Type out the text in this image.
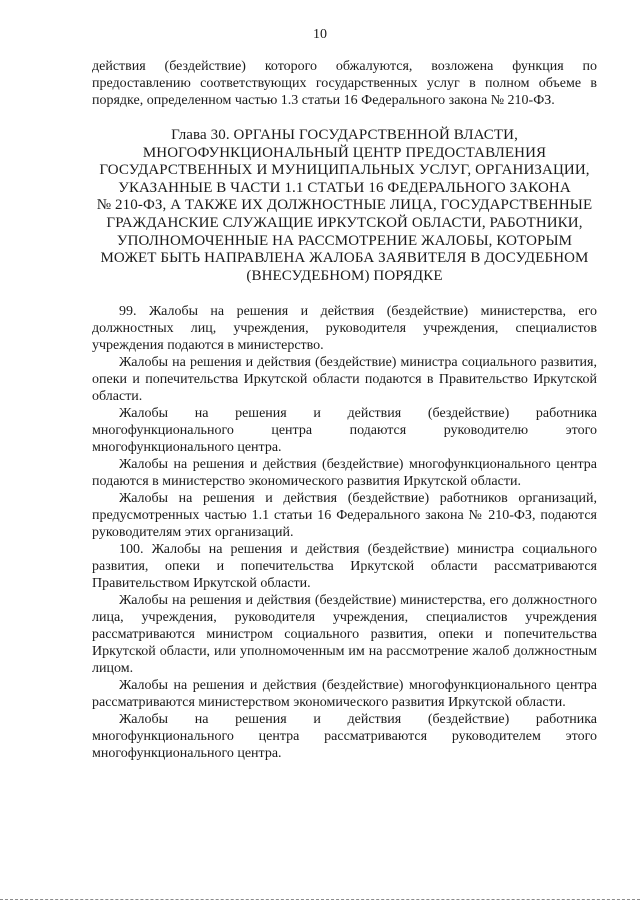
10

действия (бездействие) которого обжалуются, возложена функция по предоставлению соответствующих государственных услуг в полном объеме в порядке, определенном частью 1.3 статьи 16 Федерального закона № 210-ФЗ.

Глава 30. ОРГАНЫ ГОСУДАРСТВЕННОЙ ВЛАСТИ,
МНОГОФУНКЦИОНАЛЬНЫЙ ЦЕНТР ПРЕДОСТАВЛЕНИЯ
ГОСУДАРСТВЕННЫХ И МУНИЦИПАЛЬНЫХ УСЛУГ, ОРГАНИЗАЦИИ,
УКАЗАННЫЕ В ЧАСТИ 1.1 СТАТЬИ 16 ФЕДЕРАЛЬНОГО ЗАКОНА
№ 210-ФЗ, А ТАКЖЕ ИХ ДОЛЖНОСТНЫЕ ЛИЦА, ГОСУДАРСТВЕННЫЕ
ГРАЖДАНСКИЕ СЛУЖАЩИЕ ИРКУТСКОЙ ОБЛАСТИ, РАБОТНИКИ,
УПОЛНОМОЧЕННЫЕ НА РАССМОТРЕНИЕ ЖАЛОБЫ, КОТОРЫМ
МОЖЕТ БЫТЬ НАПРАВЛЕНА ЖАЛОБА ЗАЯВИТЕЛЯ В ДОСУДЕБНОМ
(ВНЕСУДЕБНОМ) ПОРЯДКЕ

99. Жалобы на решения и действия (бездействие) министерства, его должностных лиц, учреждения, руководителя учреждения, специалистов учреждения подаются в министерство.

Жалобы на решения и действия (бездействие) министра социального развития, опеки и попечительства Иркутской области подаются в Правительство Иркутской области.

Жалобы на решения и действия (бездействие) работника многофункционального центра подаются руководителю этого многофункционального центра.

Жалобы на решения и действия (бездействие) многофункционального центра подаются в министерство экономического развития Иркутской области.

Жалобы на решения и действия (бездействие) работников организаций, предусмотренных частью 1.1 статьи 16 Федерального закона № 210-ФЗ, подаются руководителям этих организаций.

100. Жалобы на решения и действия (бездействие) министра социального развития, опеки и попечительства Иркутской области рассматриваются Правительством Иркутской области.

Жалобы на решения и действия (бездействие) министерства, его должностного лица, учреждения, руководителя учреждения, специалистов учреждения рассматриваются министром социального развития, опеки и попечительства Иркутской области, или уполномоченным им на рассмотрение жалоб должностным лицом.

Жалобы на решения и действия (бездействие) многофункционального центра рассматриваются министерством экономического развития Иркутской области.

Жалобы на решения и действия (бездействие) работника многофункционального центра рассматриваются руководителем этого многофункционального центра.
